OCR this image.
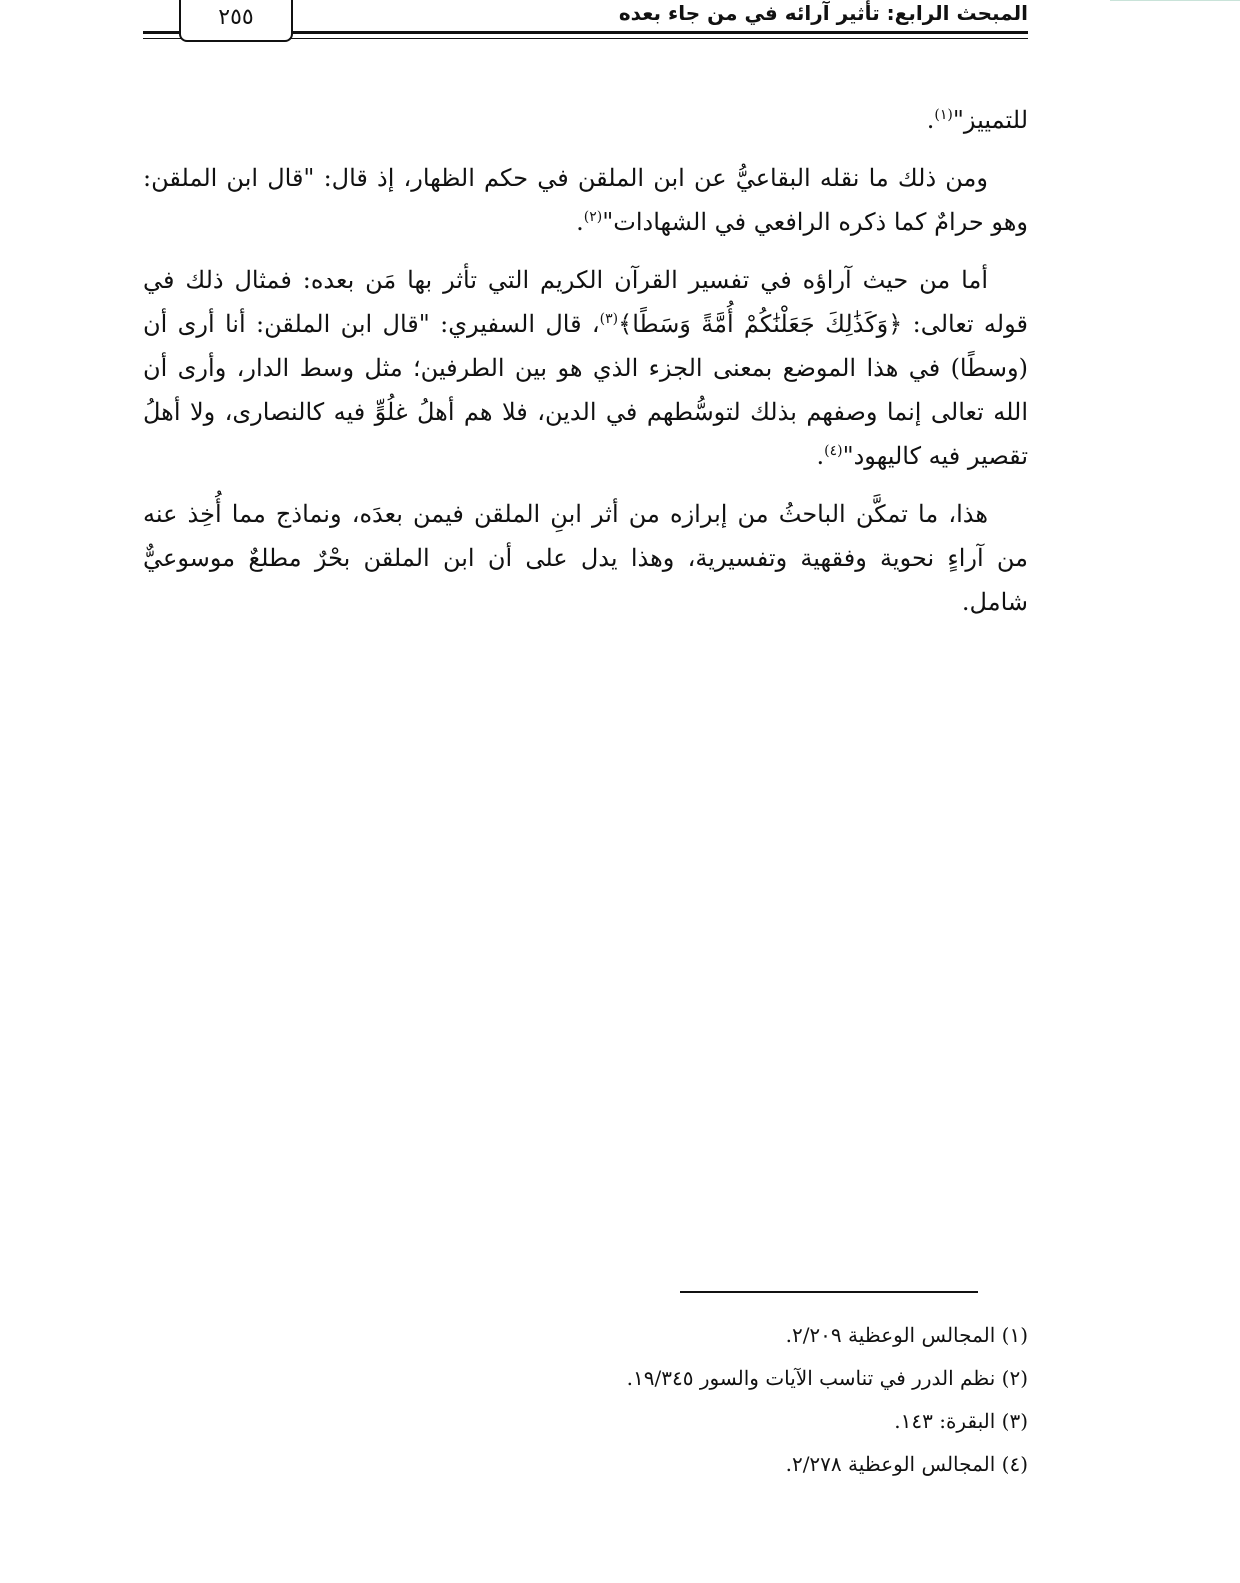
٢٥٥	المبحث الرابع: تأثير آرائه في من جاء بعده

للتمييز"$^{(١)}$.

ومن ذلك ما نقله البقاعيُّ عن ابن الملقن في حكم الظهار، إذ قال: "قال ابن الملقن: وهو حرامٌ كما ذكره الرافعي في الشهادات"$^{(٢)}$.

أما من حيث آراؤه في تفسير القرآن الكريم التي تأثر بها مَن بعده: فمثال ذلك في قوله تعالى: ﴿وَكَذَٰلِكَ جَعَلْنَٰكُمْ أُمَّةً وَسَطًا﴾$^{(٣)}$، قال السفيري: "قال ابن الملقن: أنا أرى أن (وسطًا) في هذا الموضع بمعنى الجزء الذي هو بين الطرفين؛ مثل وسط الدار، وأرى أن الله تعالى إنما وصفهم بذلك لتوسُّطهم في الدين، فلا هم أهلُ غلُوٍّ فيه كالنصارى، ولا أهلُ تقصير فيه كاليهود"$^{(٤)}$.

هذا، ما تمكَّن الباحثُ من إبرازه من أثر ابنِ الملقن فيمن بعدَه، ونماذج مما أُخِذ عنه من آراءٍ نحوية وفقهية وتفسيرية، وهذا يدل على أن ابن الملقن بحْرٌ مطلعٌ موسوعيٌّ شامل.

(١) المجالس الوعظية ٢/٢٠٩.

(٢) نظم الدرر في تناسب الآيات والسور ١٩/٣٤٥.

(٣) البقرة: ١٤٣.

(٤) المجالس الوعظية ٢/٢٧٨.
